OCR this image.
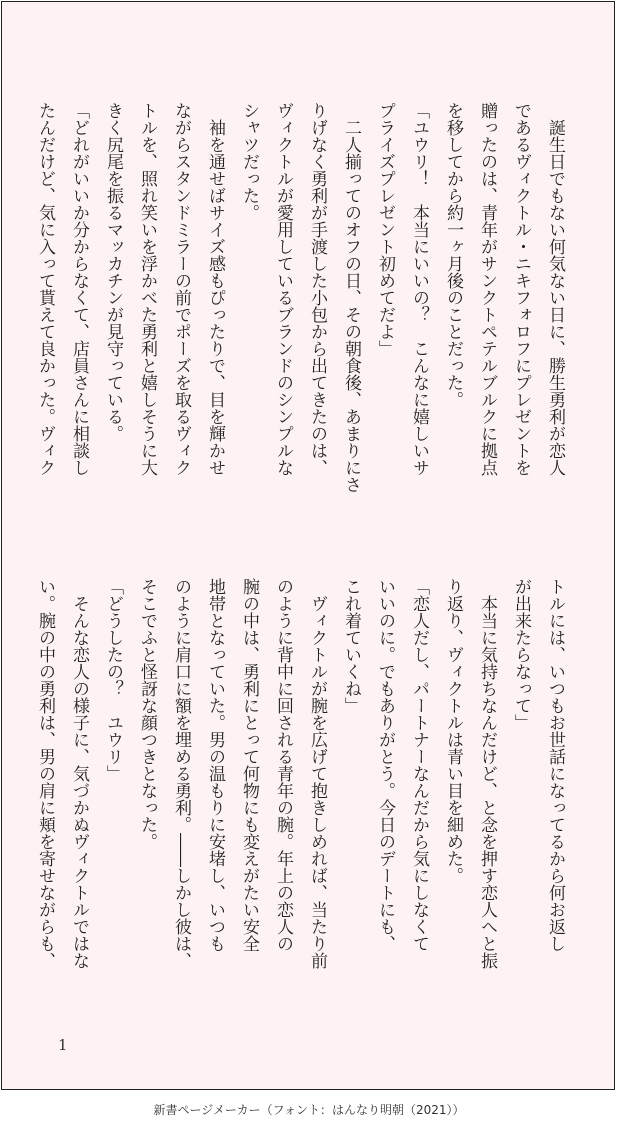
　誕生日でもない何気ない日に、勝生勇利が恋人
であるヴィクトル・ニキフォロフにプレゼントを
贈ったのは、青年がサンクトペテルブルクに拠点
を移してから約一ヶ月後のことだった。
「ユウリ！　本当にいいの？　こんなに嬉しいサ
プライズプレゼント初めてだよ」
　二人揃ってのオフの日、その朝食後、あまりにさ
りげなく勇利が手渡した小包から出てきたのは、
ヴィクトルが愛用しているブランドのシンプルな
シャツだった。
　袖を通せばサイズ感もぴったりで、目を輝かせ
ながらスタンドミラーの前でポーズを取るヴィク
トルを、照れ笑いを浮かべた勇利と嬉しそうに大
きく尻尾を振るマッカチンが見守っている。
「どれがいいか分からなくて、店員さんに相談し
たんだけど、気に入って貰えて良かった。ヴィク
トルには、いつもお世話になってるから何お返し
が出来たらなって」
　本当に気持ちなんだけど、と念を押す恋人へと振
り返り、ヴィクトルは青い目を細めた。
「恋人だし、パートナーなんだから気にしなくて
いいのに。でもありがとう。今日のデートにも、
これ着ていくね」
　ヴィクトルが腕を広げて抱きしめれば、当たり前
のように背中に回される青年の腕。年上の恋人の
腕の中は、勇利にとって何物にも変えがたい安全
地帯となっていた。男の温もりに安堵し、いつも
のように肩口に額を埋める勇利。――しかし彼は、
そこでふと怪訝な顔つきとなった。
「どうしたの？　ユウリ」
　そんな恋人の様子に、気づかぬヴィクトルではな
い。腕の中の勇利は、男の肩に頬を寄せながらも、
1
新書ページメーカー（フォント：はんなり明朝（2021））
